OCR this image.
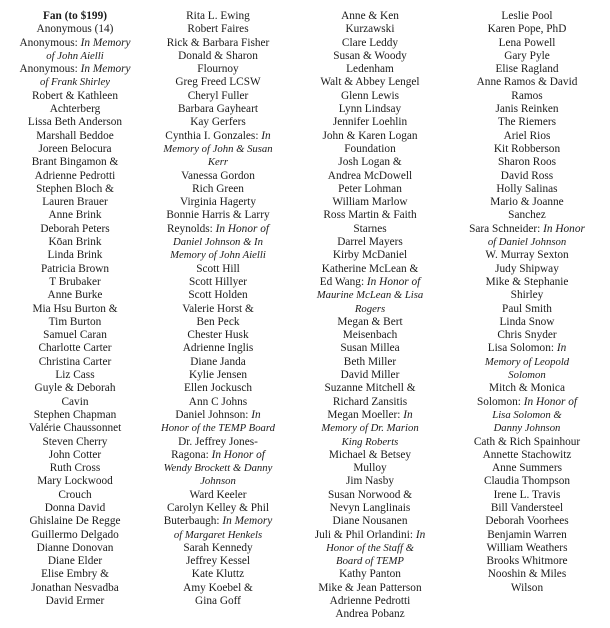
Fan (to $199)
Anonymous (14)
Anonymous: In Memory
of John Aielli
Anonymous: In Memory
of Frank Shirley
Robert & Kathleen
Achterberg
Lissa Beth Anderson
Marshall Beddoe
Joreen Belocura
Brant Bingamon &
Adrienne Pedrotti
Stephen Bloch &
Lauren Brauer
Anne Brink
Deborah Peters
Kōan Brink
Linda Brink
Patricia Brown
T Brubaker
Anne Burke
Mia Hsu Burton &
Tim Burton
Samuel Caran
Charlotte Carter
Christina Carter
Liz Cass
Guyle & Deborah
Cavin
Stephen Chapman
Valérie Chaussonnet
Steven Cherry
John Cotter
Ruth Cross
Mary Lockwood
Crouch
Donna David
Ghislaine De Regge
Guillermo Delgado
Dianne Donovan
Diane Elder
Elise Embry &
Jonathan Nesvadba
David Ermer
Rita L. Ewing
Robert Faires
Rick & Barbara Fisher
Donald & Sharon
Flournoy
Greg Freed LCSW
Cheryl Fuller
Barbara Gayheart
Kay Gerfers
Cynthia I. Gonzales: In
Memory of John & Susan
Kerr
Vanessa Gordon
Rich Green
Virginia Hagerty
Bonnie Harris & Larry
Reynolds: In Honor of
Daniel Johnson & In
Memory of John Aielli
Scott Hill
Scott Hillyer
Scott Holden
Valerie Horst &
Ben Peck
Chester Husk
Adrienne Inglis
Diane Janda
Kylie Jensen
Ellen Jockusch
Ann C Johns
Daniel Johnson: In
Honor of the TEMP Board
Dr. Jeffrey Jones-
Ragona: In Honor of
Wendy Brockett & Danny
Johnson
Ward Keeler
Carolyn Kelley & Phil
Buterbaugh: In Memory
of Margaret Henkels
Sarah Kennedy
Jeffrey Kessel
Kate Kluttz
Amy Koebel &
Gina Goff
Anne & Ken
Kurzawski
Clare Leddy
Susan & Woody
Ledenham
Walt & Abbey Lengel
Glenn Lewis
Lynn Lindsay
Jennifer Loehlin
John & Karen Logan
Foundation
Josh Logan &
Andrea McDowell
Peter Lohman
William Marlow
Ross Martin & Faith
Starnes
Darrel Mayers
Kirby McDaniel
Katherine McLean &
Ed Wang: In Honor of
Maurine McLean & Lisa
Rogers
Megan & Bert
Meisenbach
Susan Millea
Beth Miller
David Miller
Suzanne Mitchell &
Richard Zansitis
Megan Moeller: In
Memory of Dr. Marion
King Roberts
Michael & Betsey
Mulloy
Jim Nasby
Susan Norwood &
Nevyn Langlinais
Diane Nousanen
Juli & Phil Orlandini: In
Honor of the Staff &
Board of TEMP
Kathy Panton
Mike & Jean Patterson
Adrienne Pedrotti
Andrea Pobanz
Leslie Pool
Karen Pope, PhD
Lena Powell
Gary Pyle
Elise Ragland
Anne Ramos & David
Ramos
Janis Reinken
The Riemers
Ariel Rios
Kit Robberson
Sharon Roos
David Ross
Holly Salinas
Mario & Joanne
Sanchez
Sara Schneider: In Honor
of Daniel Johnson
W. Murray Sexton
Judy Shipway
Mike & Stephanie
Shirley
Paul Smith
Linda Snow
Chris Snyder
Lisa Solomon: In
Memory of Leopold
Solomon
Mitch & Monica
Solomon: In Honor of
Lisa Solomon &
Danny Johnson
Cath & Rich Spainhour
Annette Stachowitz
Anne Summers
Claudia Thompson
Irene L. Travis
Bill Vandersteel
Deborah Voorhees
Benjamin Warren
William Weathers
Brooks Whitmore
Nooshin & Miles
Wilson
